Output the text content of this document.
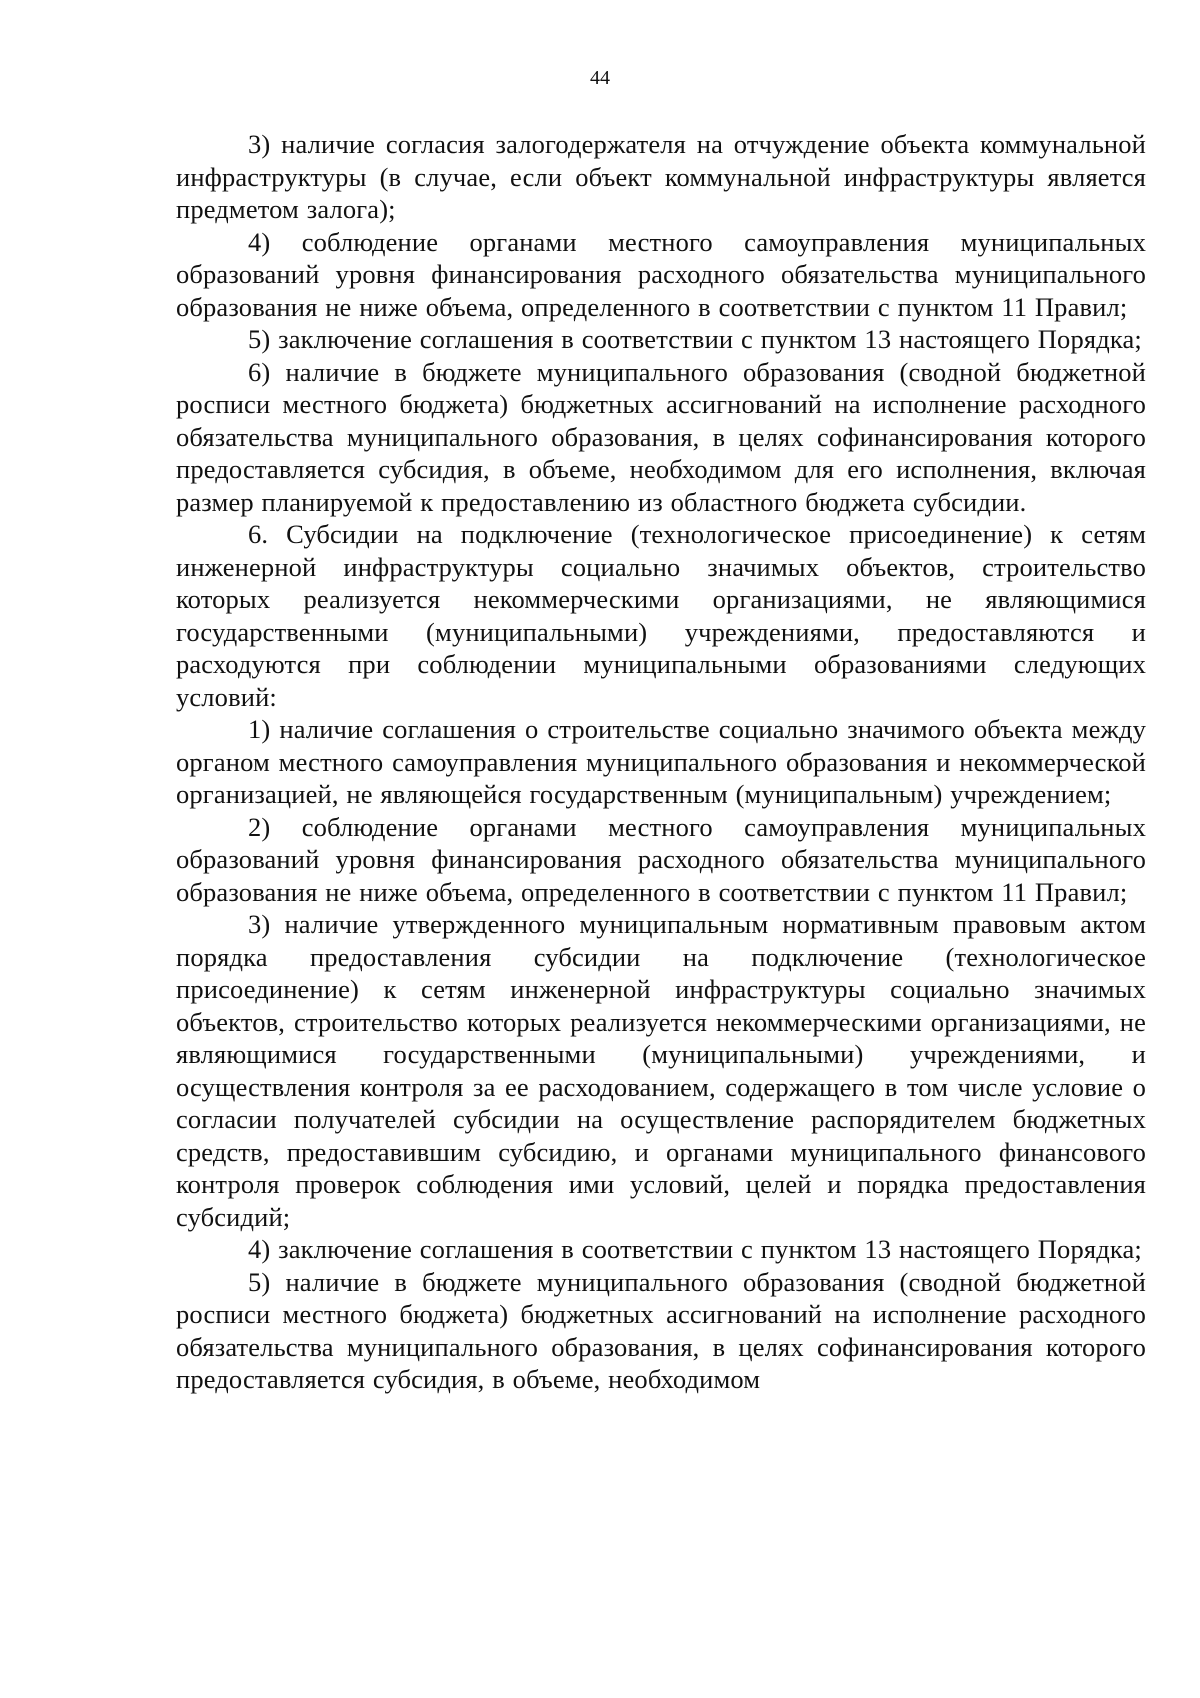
44

3) наличие согласия залогодержателя на отчуждение объекта коммунальной инфраструктуры (в случае, если объект коммунальной инфраструктуры является предметом залога);

4) соблюдение органами местного самоуправления муниципальных образований уровня финансирования расходного обязательства муниципального образования не ниже объема, определенного в соответствии с пунктом 11 Правил;

5) заключение соглашения в соответствии с пунктом 13 настоящего Порядка;

6) наличие в бюджете муниципального образования (сводной бюджетной росписи местного бюджета) бюджетных ассигнований на исполнение расходного обязательства муниципального образования, в целях софинансирования которого предоставляется субсидия, в объеме, необходимом для его исполнения, включая размер планируемой к предоставлению из областного бюджета субсидии.

6. Субсидии на подключение (технологическое присоединение) к сетям инженерной инфраструктуры социально значимых объектов, строительство которых реализуется некоммерческими организациями, не являющимися государственными (муниципальными) учреждениями, предоставляются и расходуются при соблюдении муниципальными образованиями следующих условий:

1) наличие соглашения о строительстве социально значимого объекта между органом местного самоуправления муниципального образования и некоммерческой организацией, не являющейся государственным (муниципальным) учреждением;

2) соблюдение органами местного самоуправления муниципальных образований уровня финансирования расходного обязательства муниципального образования не ниже объема, определенного в соответствии с пунктом 11 Правил;

3) наличие утвержденного муниципальным нормативным правовым актом порядка предоставления субсидии на подключение (технологическое присоединение) к сетям инженерной инфраструктуры социально значимых объектов, строительство которых реализуется некоммерческими организациями, не являющимися государственными (муниципальными) учреждениями, и осуществления контроля за ее расходованием, содержащего в том числе условие о согласии получателей субсидии на осуществление распорядителем бюджетных средств, предоставившим субсидию, и органами муниципального финансового контроля проверок соблюдения ими условий, целей и порядка предоставления субсидий;

4) заключение соглашения в соответствии с пунктом 13 настоящего Порядка;

5) наличие в бюджете муниципального образования (сводной бюджетной росписи местного бюджета) бюджетных ассигнований на исполнение расходного обязательства муниципального образования, в целях софинансирования которого предоставляется субсидия, в объеме, необходимом
